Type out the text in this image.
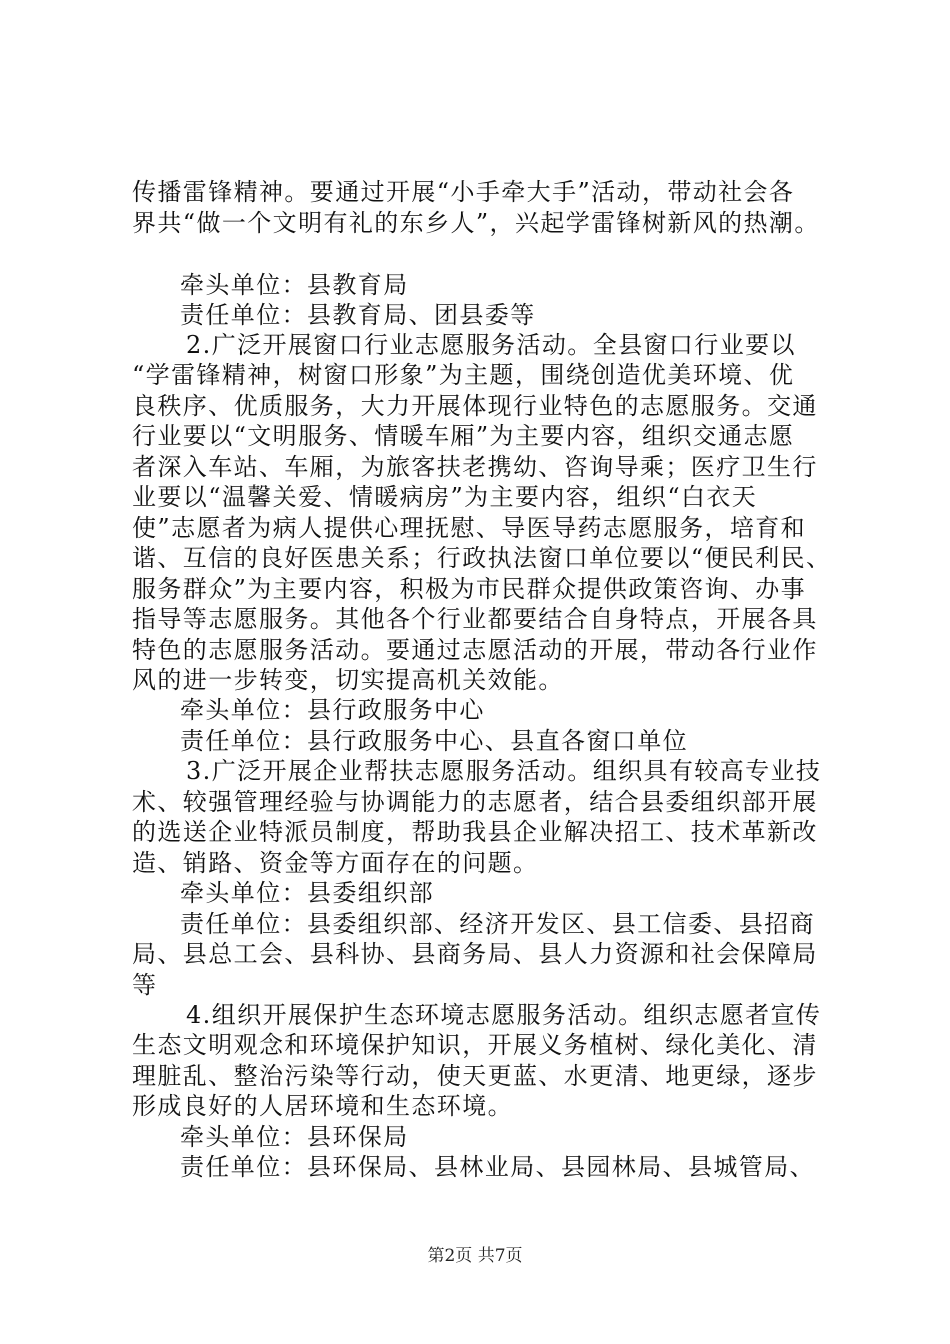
传播雷锋精神。要通过开展“小手牵大手”活动，带动社会各
界共“做一个文明有礼的东乡人”，兴起学雷锋树新风的热潮。
牵头单位：县教育局
责任单位：县教育局、团县委等
2.广泛开展窗口行业志愿服务活动。全县窗口行业要以
“学雷锋精神，树窗口形象”为主题，围绕创造优美环境、优
良秩序、优质服务，大力开展体现行业特色的志愿服务。交通
行业要以“文明服务、情暖车厢”为主要内容，组织交通志愿
者深入车站、车厢，为旅客扶老携幼、咨询导乘；医疗卫生行
业要以“温馨关爱、情暖病房”为主要内容，组织“白衣天
使”志愿者为病人提供心理抚慰、导医导药志愿服务，培育和
谐、互信的良好医患关系；行政执法窗口单位要以“便民利民、
服务群众”为主要内容，积极为市民群众提供政策咨询、办事
指导等志愿服务。其他各个行业都要结合自身特点，开展各具
特色的志愿服务活动。要通过志愿活动的开展，带动各行业作
风的进一步转变，切实提高机关效能。
牵头单位：县行政服务中心
责任单位：县行政服务中心、县直各窗口单位
3.广泛开展企业帮扶志愿服务活动。组织具有较高专业技
术、较强管理经验与协调能力的志愿者，结合县委组织部开展
的选送企业特派员制度，帮助我县企业解决招工、技术革新改
造、销路、资金等方面存在的问题。
牵头单位：县委组织部
责任单位：县委组织部、经济开发区、县工信委、县招商
局、县总工会、县科协、县商务局、县人力资源和社会保障局
等
4.组织开展保护生态环境志愿服务活动。组织志愿者宣传
生态文明观念和环境保护知识，开展义务植树、绿化美化、清
理脏乱、整治污染等行动，使天更蓝、水更清、地更绿，逐步
形成良好的人居环境和生态环境。
牵头单位：县环保局
责任单位：县环保局、县林业局、县园林局、县城管局、
第2页 共7页
